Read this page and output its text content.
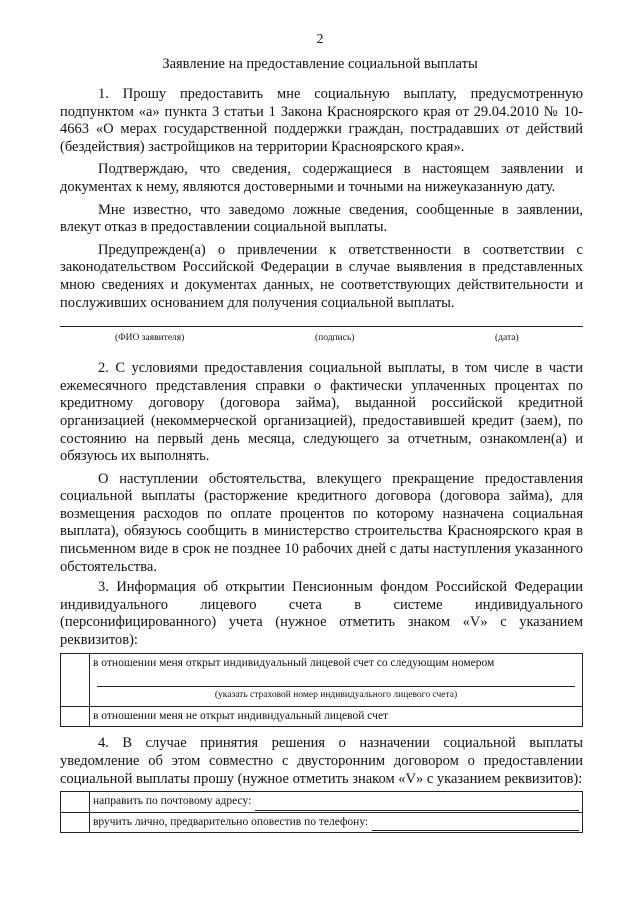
2
Заявление на предоставление социальной выплаты

1. Прошу предоставить мне социальную выплату, предусмотренную подпунктом «а» пункта 3 статьи 1 Закона Красноярского края от 29.04.2010 № 10-4663 «О мерах государственной поддержки граждан, пострадавших от действий (бездействия) застройщиков на территории Красноярского края».

Подтверждаю, что сведения, содержащиеся в настоящем заявлении и документах к нему, являются достоверными и точными на нижеуказанную дату.

Мне известно, что заведомо ложные сведения, сообщенные в заявлении, влекут отказ в предоставлении социальной выплаты.

Предупрежден(а) о привлечении к ответственности в соответствии с законодательством Российской Федерации в случае выявления в представленных мною сведениях и документах данных, не соответствующих действительности и послуживших основанием для получения социальной выплаты.

(ФИО заявителя)	(подпись)	(дата)

2. С условиями предоставления социальной выплаты, в том числе в части ежемесячного представления справки о фактически уплаченных процентах по кредитному договору (договора займа), выданной российской кредитной организацией (некоммерческой организацией), предоставившей кредит (заем), по состоянию на первый день месяца, следующего за отчетным, ознакомлен(а) и обязуюсь их выполнять.

О наступлении обстоятельства, влекущего прекращение предоставления социальной выплаты (расторжение кредитного договора (договора займа), для возмещения расходов по оплате процентов по которому назначена социальная выплата), обязуюсь сообщить в министерство строительства Красноярского края в письменном виде в срок не позднее 10 рабочих дней с даты наступления указанного обстоятельства.

3. Информация об открытии Пенсионным фондом Российской Федерации индивидуального лицевого счета в системе индивидуального (персонифицированного) учета (нужное отметить знаком «V» с указанием реквизитов):

	в отношении меня открыт индивидуальный лицевой счет со следующим номером
(указать страховой номер индивидуального лицевого счета)

	в отношении меня не открыт индивидуальный лицевой счет

4. В случае принятия решения о назначении социальной выплаты уведомление об этом совместно с двусторонним договором о предоставлении социальной выплаты прошу (нужное отметить знаком «V» с указанием реквизитов):

	направить по почтовому адресу:

	вручить лично, предварительно оповестив по телефону:
